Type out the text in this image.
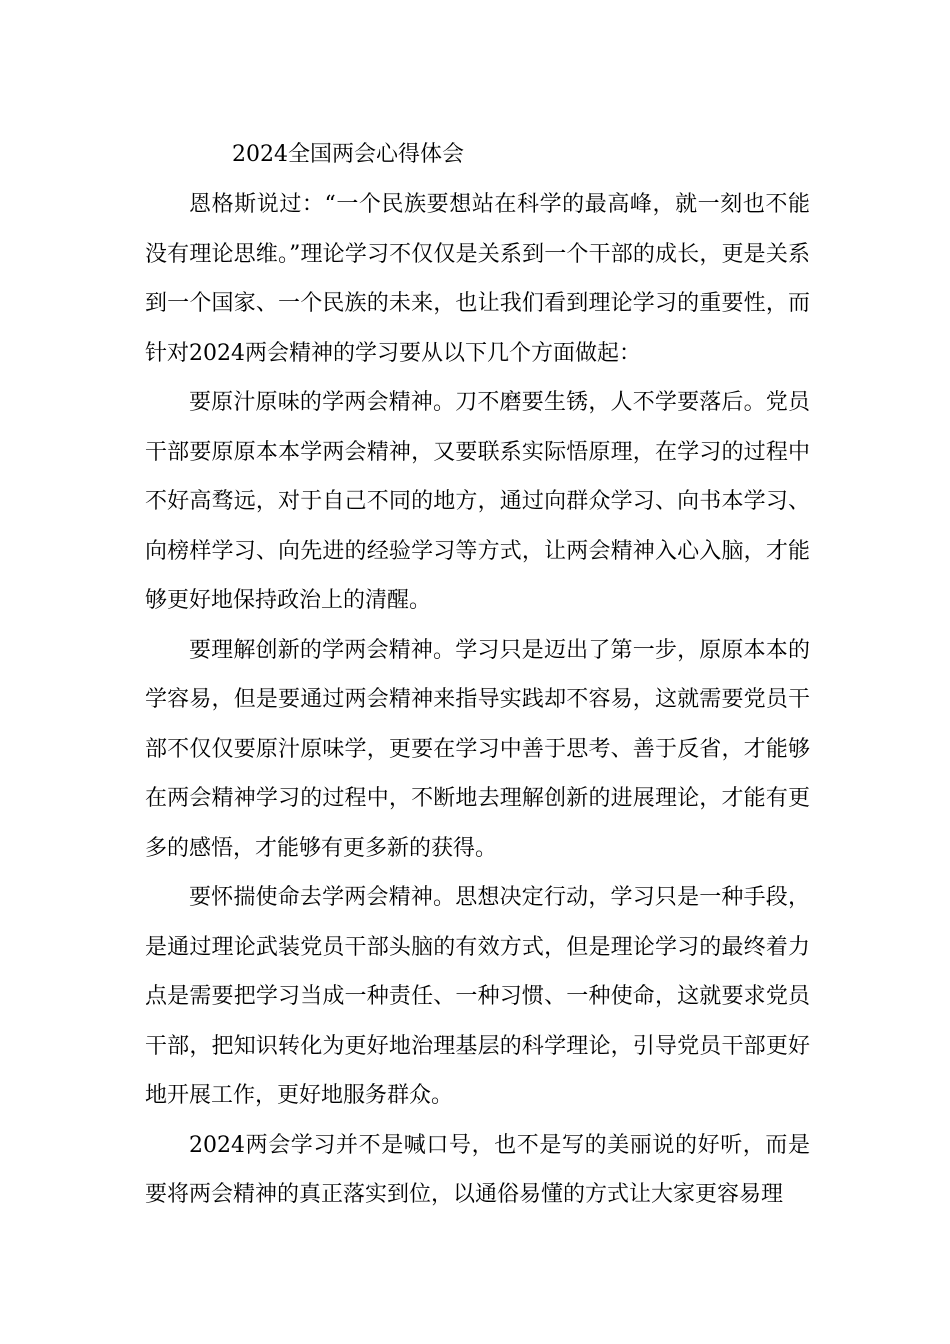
2024全国两会心得体会

恩格斯说过：“一个民族要想站在科学的最高峰，就一刻也不能没有理论思维。”理论学习不仅仅是关系到一个干部的成长，更是关系到一个国家、一个民族的未来，也让我们看到理论学习的重要性，而针对2024两会精神的学习要从以下几个方面做起：

要原汁原味的学两会精神。刀不磨要生锈，人不学要落后。党员干部要原原本本学两会精神，又要联系实际悟原理，在学习的过程中不好高骛远，对于自己不同的地方，通过向群众学习、向书本学习、向榜样学习、向先进的经验学习等方式，让两会精神入心入脑，才能够更好地保持政治上的清醒。

要理解创新的学两会精神。学习只是迈出了第一步，原原本本的学容易，但是要通过两会精神来指导实践却不容易，这就需要党员干部不仅仅要原汁原味学，更要在学习中善于思考、善于反省，才能够在两会精神学习的过程中，不断地去理解创新的进展理论，才能有更多的感悟，才能够有更多新的获得。

要怀揣使命去学两会精神。思想决定行动，学习只是一种手段，是通过理论武装党员干部头脑的有效方式，但是理论学习的最终着力点是需要把学习当成一种责任、一种习惯、一种使命，这就要求党员干部，把知识转化为更好地治理基层的科学理论，引导党员干部更好地开展工作，更好地服务群众。

2024两会学习并不是喊口号，也不是写的美丽说的好听，而是要将两会精神的真正落实到位，以通俗易懂的方式让大家更容易理
